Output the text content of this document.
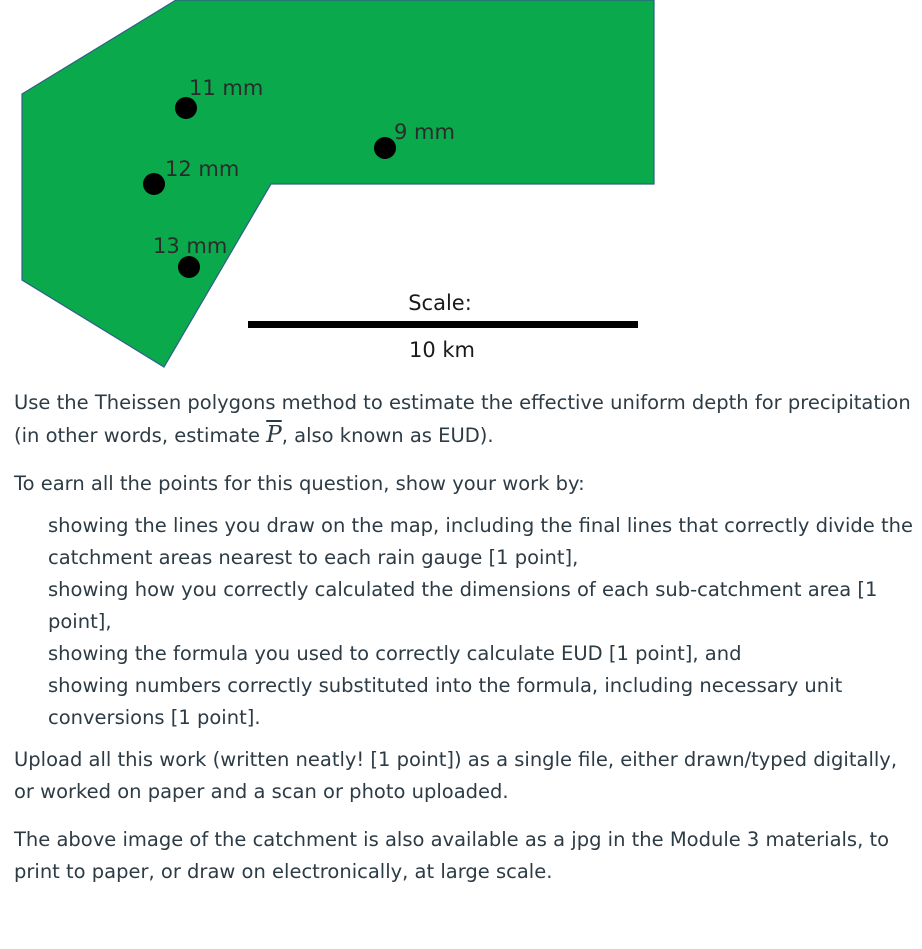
11 mm
9 mm
12 mm
13 mm
Scale:
10 km

Use the Theissen polygons method to estimate the effective uniform depth for precipitation (in other words, estimate $\overline{P}$, also known as EUD).

To earn all the points for this question, show your work by:

showing the lines you draw on the map, including the final lines that correctly divide the catchment areas nearest to each rain gauge [1 point],
showing how you correctly calculated the dimensions of each sub-catchment area [1 point],
showing the formula you used to correctly calculate EUD [1 point], and
showing numbers correctly substituted into the formula, including necessary unit conversions [1 point].

Upload all this work (written neatly! [1 point]) as a single file, either drawn/typed digitally, or worked on paper and a scan or photo uploaded.

The above image of the catchment is also available as a jpg in the Module 3 materials, to print to paper, or draw on electronically, at large scale.
